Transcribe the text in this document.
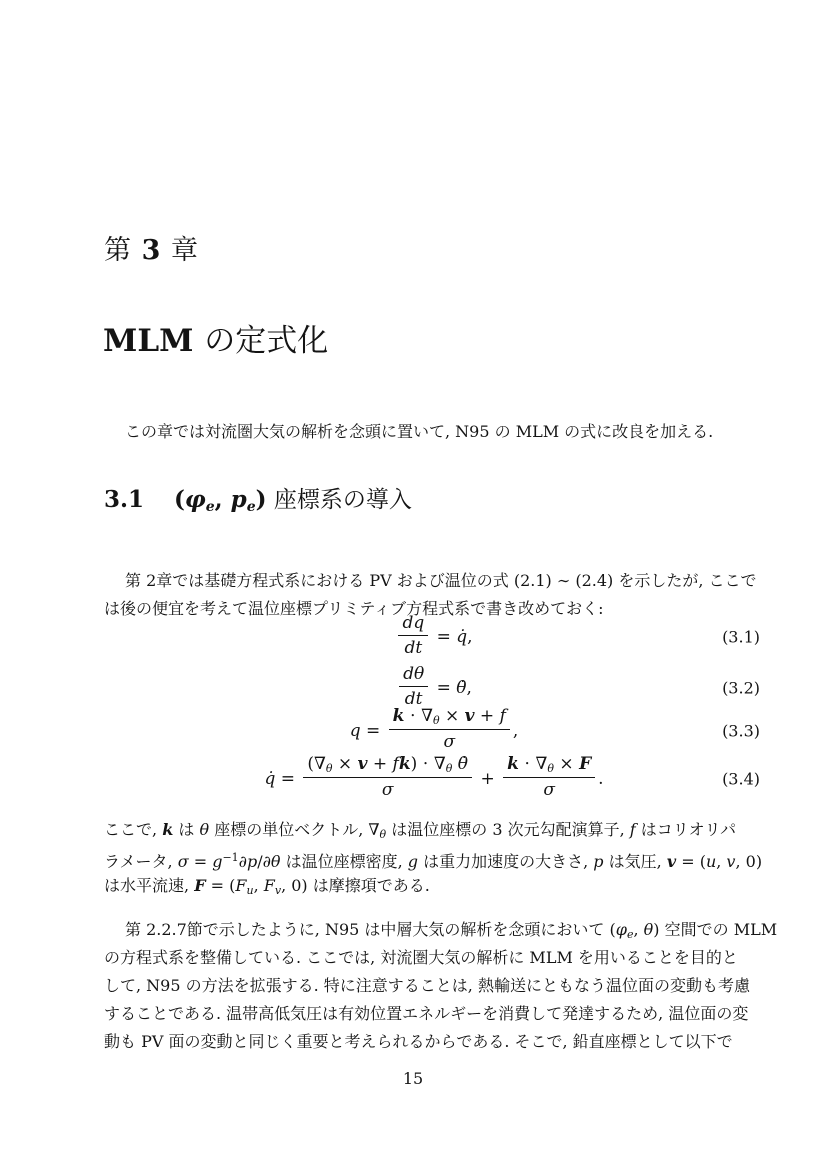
第 3 章
MLM の定式化

この章では対流圏大気の解析を念頭に置いて, N95 の MLM の式に改良を加える.

3.1 (φe, pe) 座標系の導入

第 2章では基礎方程式系における PV および温位の式 (2.1) ∼ (2.4) を示したが, ここで

は後の便宜を考えて温位座標プリミティブ方程式系で書き改めておく:

$\frac{dq}{dt}$ = q̇ ,	(3.1)
$\frac{d\theta}{dt}$ = θ̇ ,	(3.2)
$q = \frac{k \cdot \nabla\theta \times v + f}{\sigma}$ ,	(3.3)
q̇ = $\frac{\text{(∇θ × v + fk) ⋅ ∇θ θ̇}}{\sigma} + \frac{k \cdot \nabla\theta \times F}{\sigma}$ .	(3.4)

ここで, k は θ 座標の単位ベクトル, ∇θ は温位座標の 3 次元勾配演算子, f はコリオリパ

ラメータ, $\sigma = g^{-1}\partial p/\partial\theta$ は温位座標密度, g は重力加速度の大きさ, p は気圧, v = (u, v, 0)

は水平流速, F = (Fu, Fv, 0) は摩擦項である.

第 2.2.7節で示したように, N95 は中層大気の解析を念頭において (φe, θ) 空間での MLM

の方程式系を整備している. ここでは, 対流圏大気の解析に MLM を用いることを目的と

して, N95 の方法を拡張する. 特に注意することは, 熱輸送にともなう温位面の変動も考慮

することである. 温帯高低気圧は有効位置エネルギーを消費して発達するため, 温位面の変

動も PV 面の変動と同じく重要と考えられるからである. そこで, 鉛直座標として以下で

15
